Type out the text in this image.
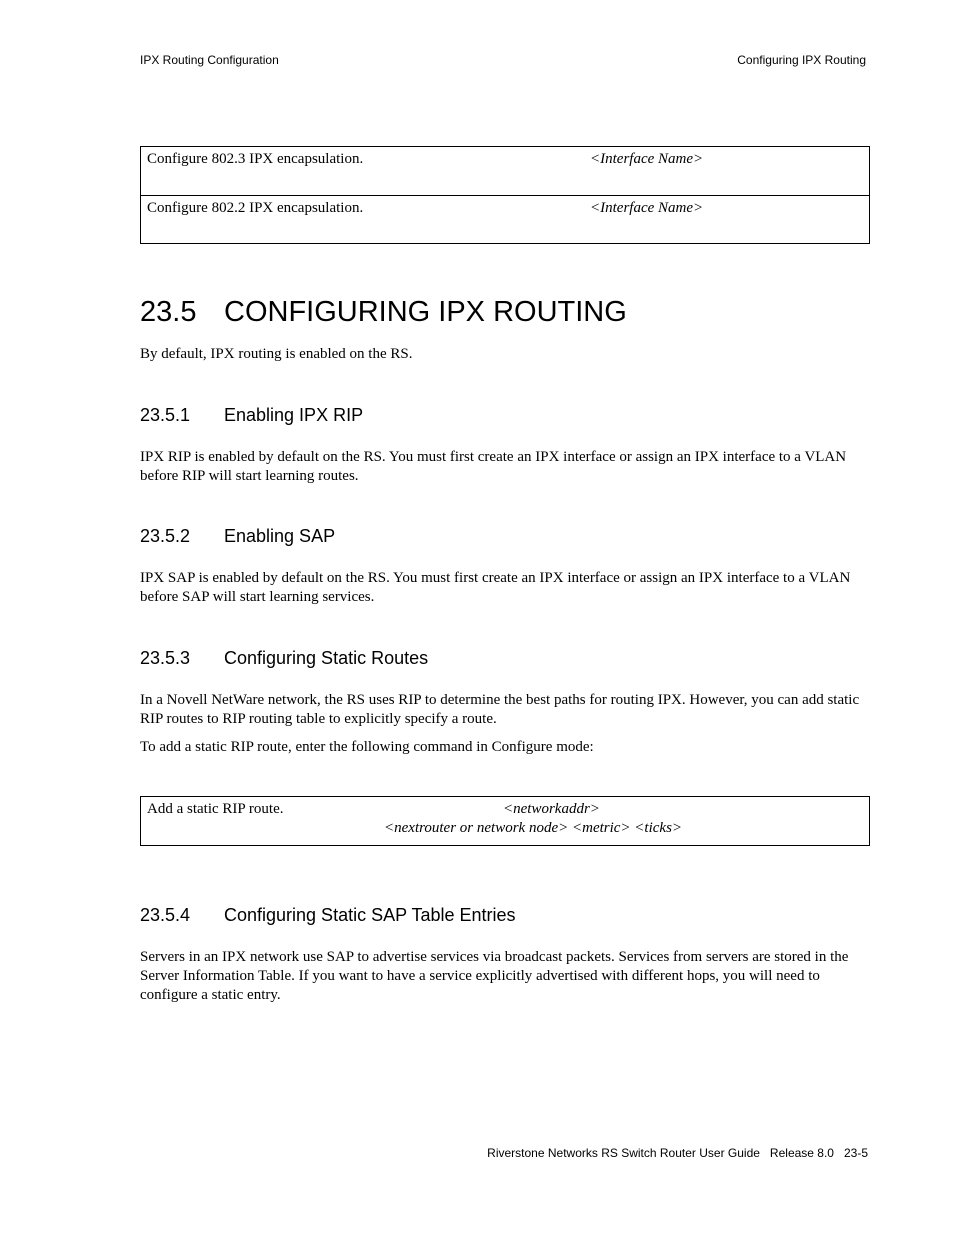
IPX Routing Configuration	Configuring IPX Routing
Configure 802.3 IPX encapsulation.	<Interface Name>
Configure 802.2 IPX encapsulation.	<Interface Name>
23.5 CONFIGURING IPX ROUTING
By default, IPX routing is enabled on the RS.
23.5.1 Enabling IPX RIP
IPX RIP is enabled by default on the RS. You must first create an IPX interface or assign an IPX interface to a VLAN before RIP will start learning routes.
23.5.2 Enabling SAP
IPX SAP is enabled by default on the RS. You must first create an IPX interface or assign an IPX interface to a VLAN before SAP will start learning services.
23.5.3 Configuring Static Routes
In a Novell NetWare network, the RS uses RIP to determine the best paths for routing IPX. However, you can add static RIP routes to RIP routing table to explicitly specify a route.
To add a static RIP route, enter the following command in Configure mode:
Add a static RIP route.	<networkaddr>
<nextrouter or network node> <metric> <ticks>
23.5.4 Configuring Static SAP Table Entries
Servers in an IPX network use SAP to advertise services via broadcast packets. Services from servers are stored in the Server Information Table. If you want to have a service explicitly advertised with different hops, you will need to configure a static entry.
Riverstone Networks RS Switch Router User Guide   Release 8.0   23-5
